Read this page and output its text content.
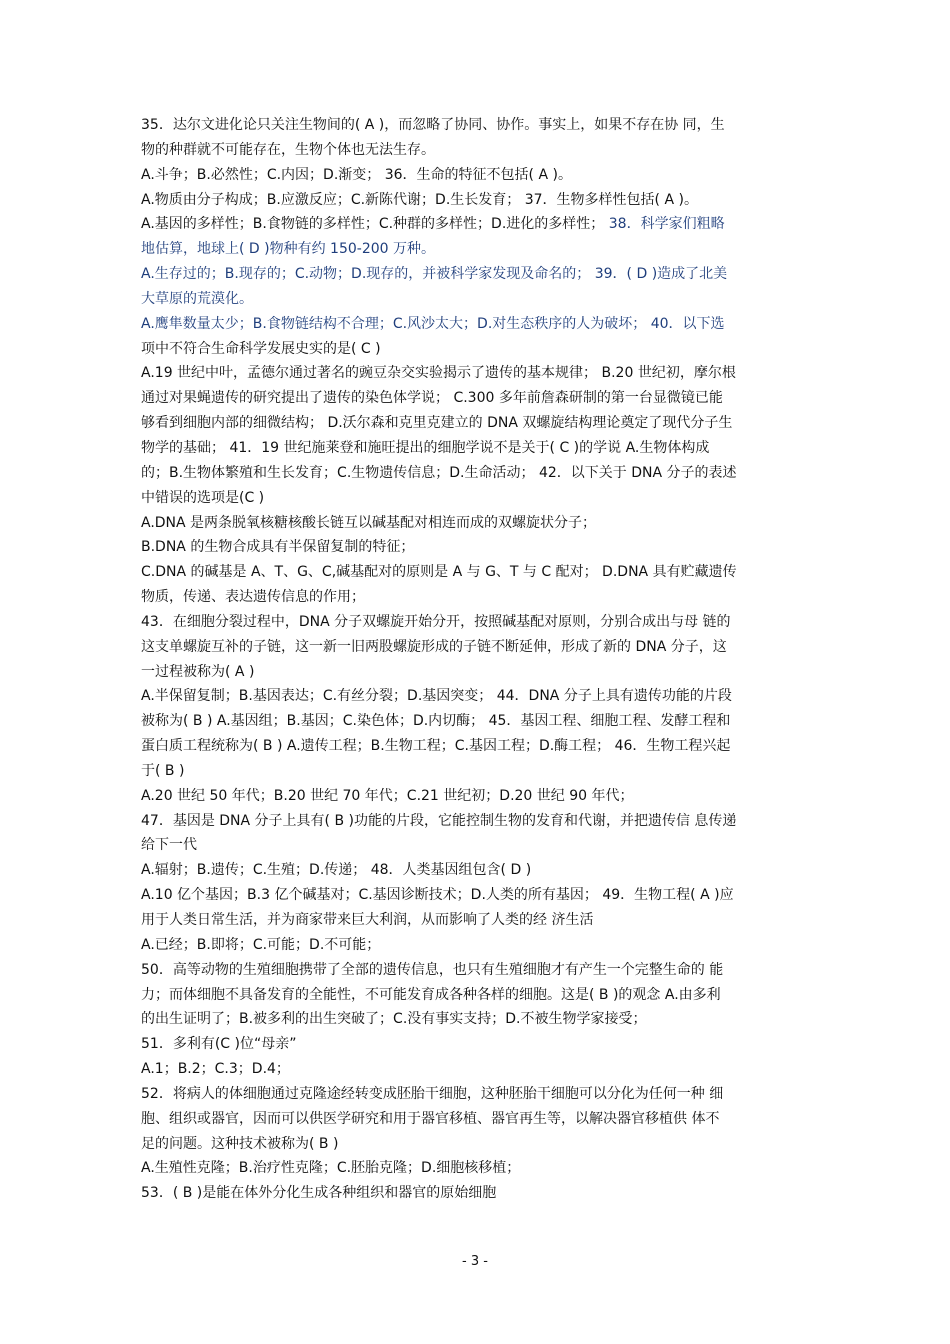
35．达尔文进化论只关注生物间的( A )，而忽略了协同、协作。事实上，如果不存在协 同，生
物的种群就不可能存在，生物个体也无法生存。
A.斗争；B.必然性；C.内因；D.渐变； 36．生命的特征不包括( A )。
A.物质由分子构成；B.应激反应；C.新陈代谢；D.生长发育； 37．生物多样性包括( A )。
A.基因的多样性；B.食物链的多样性；C.种群的多样性；D.进化的多样性； 38．科学家们粗略
地估算，地球上( D )物种有约 150-200 万种。
A.生存过的；B.现存的；C.动物；D.现存的，并被科学家发现及命名的； 39．( D )造成了北美
大草原的荒漠化。
A.鹰隼数量太少；B.食物链结构不合理；C.风沙太大；D.对生态秩序的人为破坏； 40．以下选
项中不符合生命科学发展史实的是( C )
A.19 世纪中叶，孟德尔通过著名的豌豆杂交实验揭示了遗传的基本规律； B.20 世纪初，摩尔根
通过对果蝇遗传的研究提出了遗传的染色体学说； C.300 多年前詹森研制的第一台显微镜已能
够看到细胞内部的细微结构； D.沃尔森和克里克建立的 DNA 双螺旋结构理论奠定了现代分子生
物学的基础； 41．19 世纪施莱登和施旺提出的细胞学说不是关于( C )的学说 A.生物体构成
的；B.生物体繁殖和生长发育；C.生物遗传信息；D.生命活动； 42．以下关于 DNA 分子的表述
中错误的选项是(C )
A.DNA 是两条脱氧核糖核酸长链互以碱基配对相连而成的双螺旋状分子；
B.DNA 的生物合成具有半保留复制的特征；
C.DNA 的碱基是 A、T、G、C,碱基配对的原则是 A 与 G、T 与 C 配对； D.DNA 具有贮藏遗传
物质，传递、表达遗传信息的作用；
43．在细胞分裂过程中，DNA 分子双螺旋开始分开，按照碱基配对原则，分别合成出与母 链的
这支单螺旋互补的子链，这一新一旧两股螺旋形成的子链不断延伸，形成了新的 DNA 分子，这
一过程被称为( A )
A.半保留复制；B.基因表达；C.有丝分裂；D.基因突变； 44．DNA 分子上具有遗传功能的片段
被称为( B ) A.基因组；B.基因；C.染色体；D.内切酶； 45．基因工程、细胞工程、发酵工程和
蛋白质工程统称为( B ) A.遗传工程；B.生物工程；C.基因工程；D.酶工程； 46．生物工程兴起
于( B )
A.20 世纪 50 年代；B.20 世纪 70 年代；C.21 世纪初；D.20 世纪 90 年代；
47．基因是 DNA 分子上具有( B )功能的片段，它能控制生物的发育和代谢，并把遗传信 息传递
给下一代
A.辐射；B.遗传；C.生殖；D.传递； 48．人类基因组包含( D )
A.10 亿个基因；B.3 亿个碱基对；C.基因诊断技术；D.人类的所有基因； 49．生物工程( A )应
用于人类日常生活，并为商家带来巨大利润，从而影响了人类的经 济生活
A.已经；B.即将；C.可能；D.不可能；
50．高等动物的生殖细胞携带了全部的遗传信息，也只有生殖细胞才有产生一个完整生命的 能
力；而体细胞不具备发育的全能性，不可能发育成各种各样的细胞。这是( B )的观念 A.由多利
的出生证明了；B.被多利的出生突破了；C.没有事实支持；D.不被生物学家接受；
51．多利有(C )位“母亲”
A.1；B.2；C.3；D.4；
52．将病人的体细胞通过克隆途经转变成胚胎干细胞，这种胚胎干细胞可以分化为任何一种 细
胞、组织或器官，因而可以供医学研究和用于器官移植、器官再生等，以解决器官移植供 体不
足的问题。这种技术被称为( B )
A.生殖性克隆；B.治疗性克隆；C.胚胎克隆；D.细胞核移植；
53．( B )是能在体外分化生成各种组织和器官的原始细胞
- 3 -
